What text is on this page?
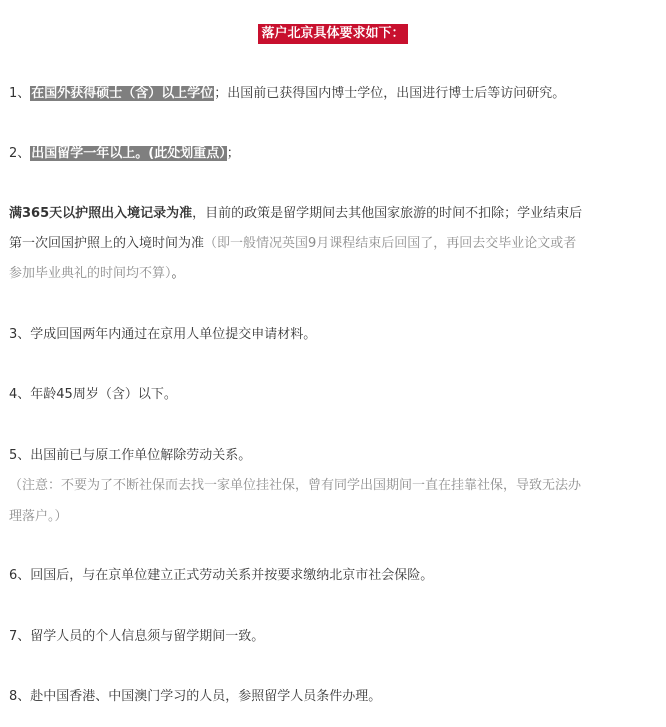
落户北京具体要求如下：
1、在国外获得硕士（含）以上学位；出国前已获得国内博士学位，出国进行博士后等访问研究。
2、出国留学一年以上。(此处划重点）；
满365天以护照出入境记录为准，目前的政策是留学期间去其他国家旅游的时间不扣除；学业结束后
第一次回国护照上的入境时间为准（即一般情况英国9月课程结束后回国了，再回去交毕业论文或者
参加毕业典礼的时间均不算）。
3、学成回国两年内通过在京用人单位提交申请材料。
4、年龄45周岁（含）以下。
5、出国前已与原工作单位解除劳动关系。
（注意：不要为了不断社保而去找一家单位挂社保，曾有同学出国期间一直在挂靠社保，导致无法办
理落户。）
6、回国后，与在京单位建立正式劳动关系并按要求缴纳北京市社会保险。
7、留学人员的个人信息须与留学期间一致。
8、赴中国香港、中国澳门学习的人员，参照留学人员条件办理。
